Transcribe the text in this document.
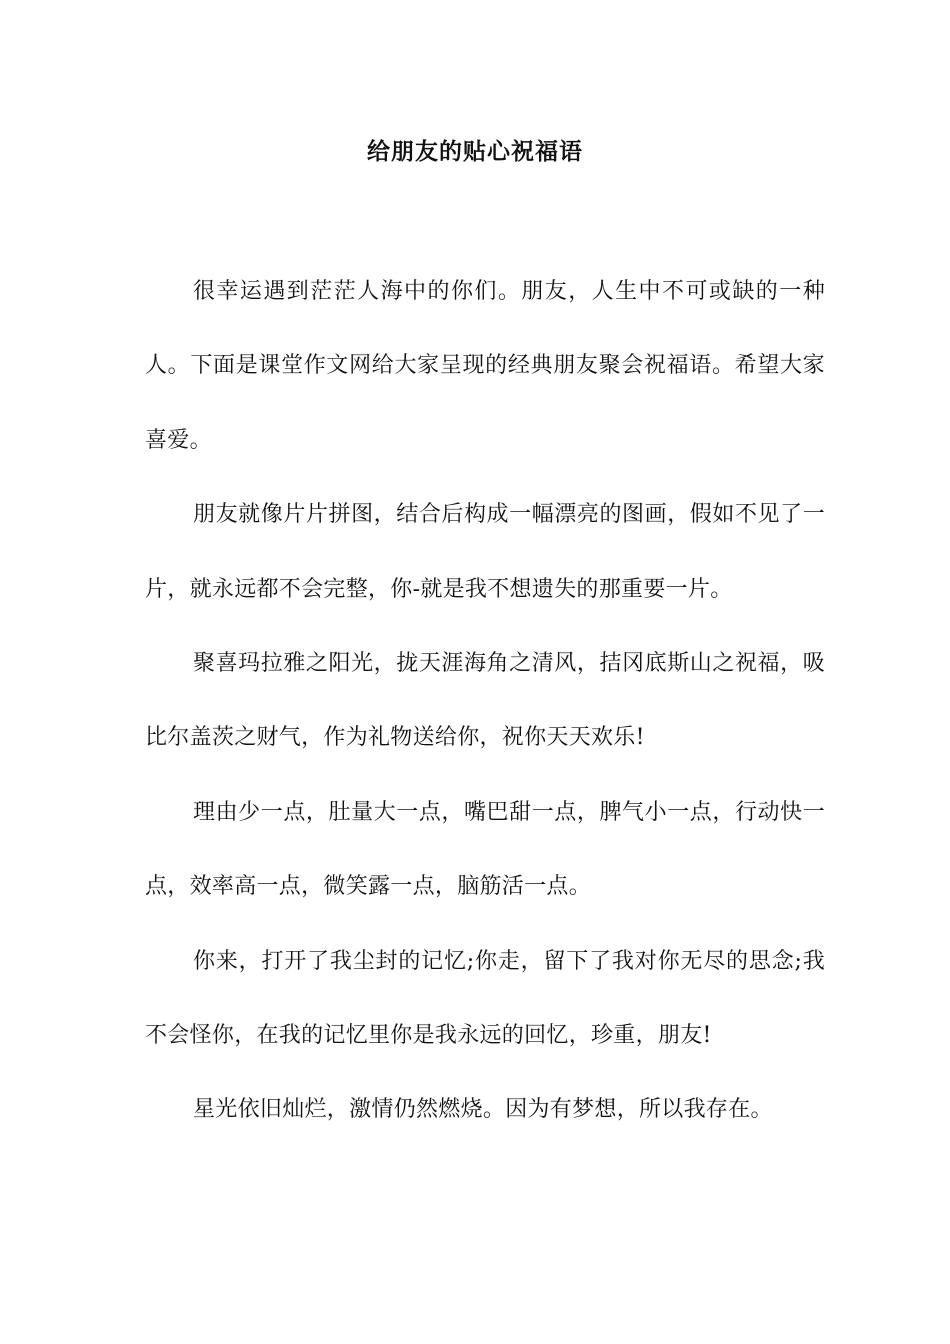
给朋友的贴心祝福语

很幸运遇到茫茫人海中的你们。朋友，人生中不可或缺的一种人。下面是课堂作文网给大家呈现的经典朋友聚会祝福语。希望大家喜爱。

朋友就像片片拼图，结合后构成一幅漂亮的图画，假如不见了一片，就永远都不会完整，你-就是我不想遗失的那重要一片。

聚喜玛拉雅之阳光，拢天涯海角之清风，拮冈底斯山之祝福，吸比尔盖茨之财气，作为礼物送给你，祝你天天欢乐!

理由少一点，肚量大一点，嘴巴甜一点，脾气小一点，行动快一点，效率高一点，微笑露一点，脑筋活一点。

你来，打开了我尘封的记忆;你走，留下了我对你无尽的思念;我不会怪你，在我的记忆里你是我永远的回忆，珍重，朋友!

星光依旧灿烂，激情仍然燃烧。因为有梦想，所以我存在。
